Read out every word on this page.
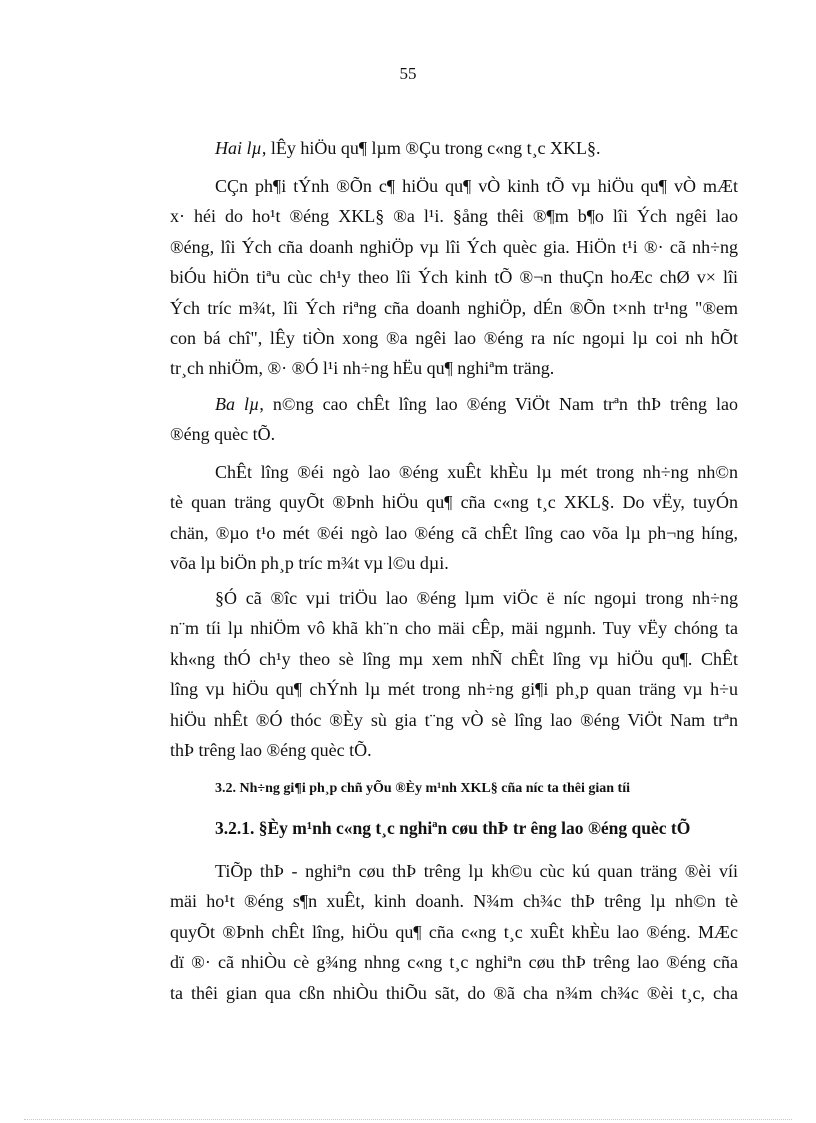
55
Hai lµ, lÊy hiÖu qu¶ lµm ®Çu trong c«ng t¸c XKL§.
CÇn ph¶i tÝnh ®Õn c¶ hiÖu qu¶ vÒ kinh tÕ vµ hiÖu qu¶ vÒ mÆt
x· héi do ho¹t ®éng XKL§ ®a l¹i. §ång thêi ®¶m b¶o lîi Ých ngêi lao
®éng, lîi Ých cña doanh nghiÖp vµ lîi Ých quèc gia. HiÖn t¹i ®· cã nh÷ng
biÓu hiÖn tiªu cùc ch¹y theo lîi Ých kinh tÕ ®¬n thuÇn hoÆc chØ v× lîi
Ých tríc m¾t, lîi Ých riªng cña doanh nghiÖp, dÉn ®Õn t×nh tr¹ng "®em
con bá chî", lÊy tiÒn xong ®a ngêi lao ®éng ra níc ngoµi lµ coi nh hÕt
tr¸ch nhiÖm, ®· ®Ó l¹i nh÷ng hËu qu¶ nghiªm träng.
Ba lµ, n©ng cao chÊt lîng lao ®éng ViÖt Nam trªn thÞ trêng lao
®éng quèc tÕ.
ChÊt lîng ®éi ngò lao ®éng xuÊt khÈu lµ mét trong nh÷ng nh©n
tè quan träng quyÕt ®Þnh hiÖu qu¶ cña c«ng t¸c XKL§. Do vËy, tuyÓn
chän, ®µo t¹o mét ®éi ngò lao ®éng cã chÊt lîng cao võa lµ ph¬ng híng,
võa lµ biÖn ph¸p tríc m¾t vµ l©u dµi.
§Ó cã ®îc vµi triÖu lao ®éng lµm viÖc ë níc ngoµi trong nh÷ng
n¨m tíi lµ nhiÖm vô khã kh¨n cho mäi cÊp, mäi ngµnh. Tuy vËy chóng ta
kh«ng thÓ ch¹y theo sè lîng mµ xem nhÑ chÊt lîng vµ hiÖu qu¶. ChÊt
lîng vµ hiÖu qu¶ chÝnh lµ mét trong nh÷ng gi¶i ph¸p quan träng vµ h÷u
hiÖu nhÊt ®Ó thóc ®Èy sù gia t¨ng vÒ sè lîng lao ®éng ViÖt Nam trªn
thÞ trêng lao ®éng quèc tÕ.
3.2. Nh÷ng gi¶i ph¸p chñ yÕu ®Èy m¹nh XKL§ cña níc ta thêi gian tíi
3.2.1. §Èy m¹nh c«ng t¸c nghiªn cøu thÞ tr êng lao ®éng quèc tÕ
TiÕp thÞ - nghiªn cøu thÞ trêng lµ kh©u cùc kú quan träng ®èi víi
mäi ho¹t ®éng s¶n xuÊt, kinh doanh. N¾m ch¾c thÞ trêng lµ nh©n tè
quyÕt ®Þnh chÊt lîng, hiÖu qu¶ cña c«ng t¸c xuÊt khÈu lao ®éng. MÆc
dï ®· cã nhiÒu cè g¾ng nhng c«ng t¸c nghiªn cøu thÞ trêng lao ®éng cña
ta thêi gian qua cßn nhiÒu thiÕu sãt, do ®ã cha n¾m ch¾c ®èi t¸c, cha
